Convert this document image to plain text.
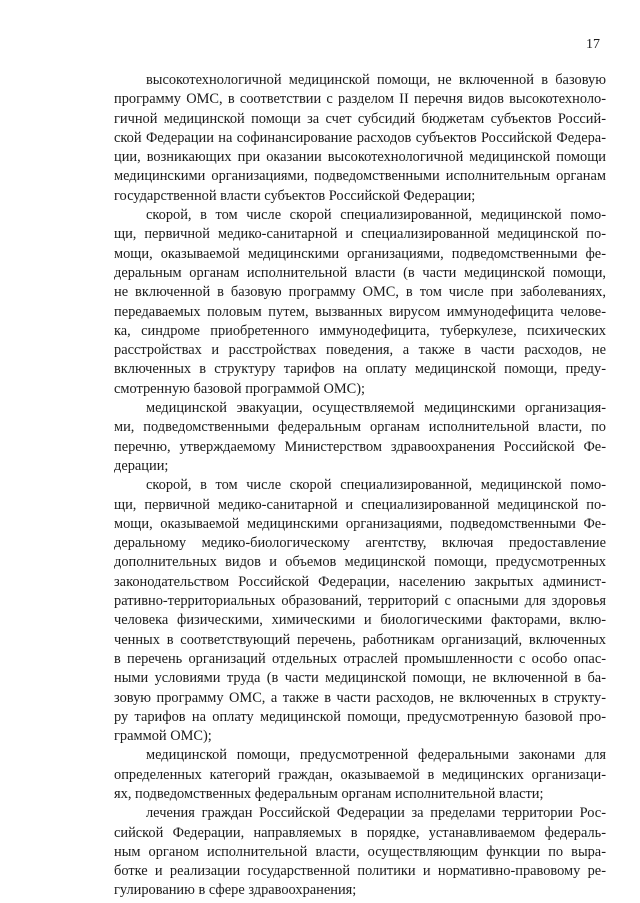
17
высокотехнологичной медицинской помощи, не включенной в базовую
программу ОМС, в соответствии с разделом II перечня видов высокотехноло-
гичной медицинской помощи за счет субсидий бюджетам субъектов Россий-
ской Федерации на софинансирование расходов субъектов Российской Федера-
ции, возникающих при оказании высокотехнологичной медицинской помощи
медицинскими организациями, подведомственными исполнительным органам
государственной власти субъектов Российской Федерации;
скорой, в том числе скорой специализированной, медицинской помо-
щи, первичной медико-санитарной и специализированной медицинской по-
мощи, оказываемой медицинскими организациями, подведомственными фе-
деральным органам исполнительной власти (в части медицинской помощи,
не включенной в базовую программу ОМС, в том числе при заболеваниях,
передаваемых половым путем, вызванных вирусом иммунодефицита челове-
ка, синдроме приобретенного иммунодефицита, туберкулезе, психических
расстройствах и расстройствах поведения, а также в части расходов, не
включенных в структуру тарифов на оплату медицинской помощи, преду-
смотренную базовой программой ОМС);
медицинской эвакуации, осуществляемой медицинскими организация-
ми, подведомственными федеральным органам исполнительной власти, по
перечню, утверждаемому Министерством здравоохранения Российской Фе-
дерации;
скорой, в том числе скорой специализированной, медицинской помо-
щи, первичной медико-санитарной и специализированной медицинской по-
мощи, оказываемой медицинскими организациями, подведомственными Фе-
деральному медико-биологическому агентству, включая предоставление
дополнительных видов и объемов медицинской помощи, предусмотренных
законодательством Российской Федерации, населению закрытых админист-
ративно-территориальных образований, территорий с опасными для здоровья
человека физическими, химическими и биологическими факторами, вклю-
ченных в соответствующий перечень, работникам организаций, включенных
в перечень организаций отдельных отраслей промышленности с особо опас-
ными условиями труда (в части медицинской помощи, не включенной в ба-
зовую программу ОМС, а также в части расходов, не включенных в структу-
ру тарифов на оплату медицинской помощи, предусмотренную базовой про-
граммой ОМС);
медицинской помощи, предусмотренной федеральными законами для
определенных категорий граждан, оказываемой в медицинских организаци-
ях, подведомственных федеральным органам исполнительной власти;
лечения граждан Российской Федерации за пределами территории Рос-
сийской Федерации, направляемых в порядке, устанавливаемом федераль-
ным органом исполнительной власти, осуществляющим функции по выра-
ботке и реализации государственной политики и нормативно-правовому ре-
гулированию в сфере здравоохранения;
